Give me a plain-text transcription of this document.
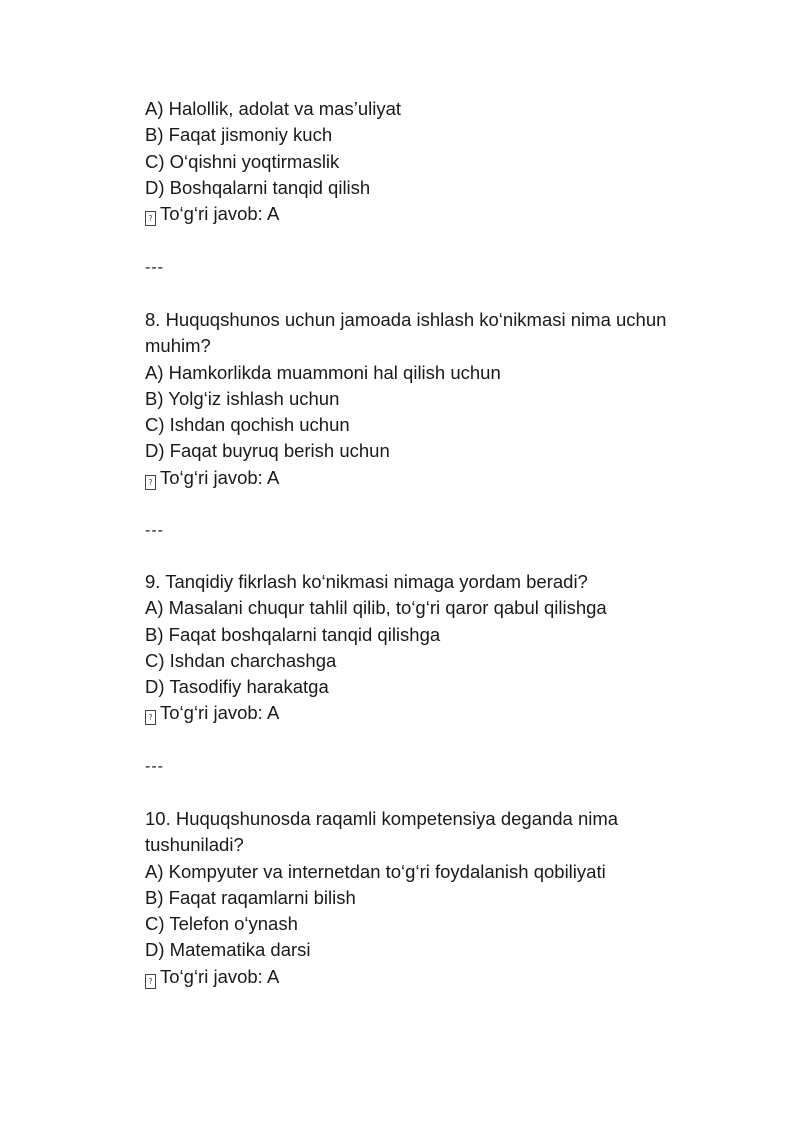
A) Halollik, adolat va mas’uliyat
B) Faqat jismoniy kuch
C) O‘qishni yoqtirmaslik
D) Boshqalarni tanqid qilish
? To‘g‘ri javob: A
---
8. Huquqshunos uchun jamoada ishlash ko‘nikmasi nima uchun muhim?
A) Hamkorlikda muammoni hal qilish uchun
B) Yolg‘iz ishlash uchun
C) Ishdan qochish uchun
D) Faqat buyruq berish uchun
? To‘g‘ri javob: A
---
9. Tanqidiy fikrlash ko‘nikmasi nimaga yordam beradi?
A) Masalani chuqur tahlil qilib, to‘g‘ri qaror qabul qilishga
B) Faqat boshqalarni tanqid qilishga
C) Ishdan charchashga
D) Tasodifiy harakatga
? To‘g‘ri javob: A
---
10. Huquqshunosda raqamli kompetensiya deganda nima tushuniladi?
A) Kompyuter va internetdan to‘g‘ri foydalanish qobiliyati
B) Faqat raqamlarni bilish
C) Telefon o‘ynash
D) Matematika darsi
? To‘g‘ri javob: A
